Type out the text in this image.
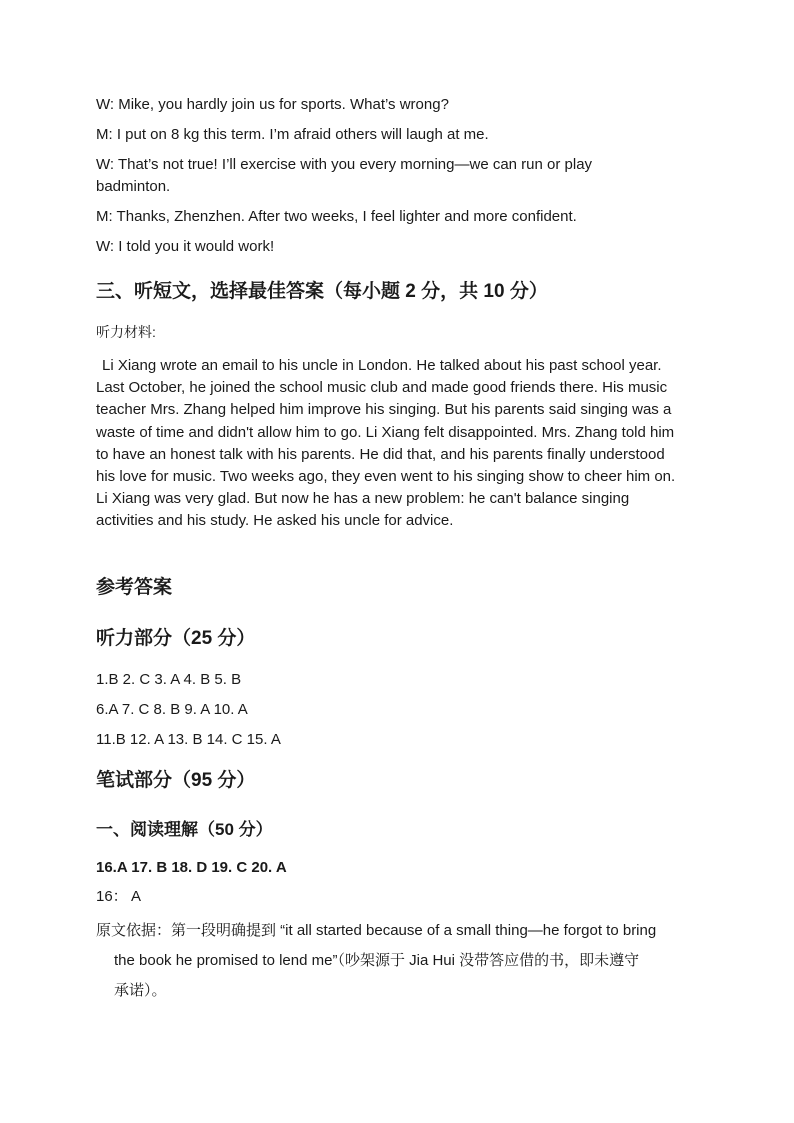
W: Mike, you hardly join us for sports. What’s wrong?
M: I put on 8 kg this term. I’m afraid others will laugh at me.
W: That’s not true! I’ll exercise with you every morning—we can run or play
badminton.
M: Thanks, Zhenzhen. After two weeks, I feel lighter and more confident.
W: I told you it would work!
三、听短文，选择最佳答案（每小题 2 分，共 10 分）
听力材料:
Li Xiang wrote an email to his uncle in London. He talked about his past school year. Last October, he joined the school music club and made good friends there. His music teacher Mrs. Zhang helped him improve his singing. But his parents said singing was a waste of time and didn't allow him to go. Li Xiang felt disappointed. Mrs. Zhang told him to have an honest talk with his parents. He did that, and his parents finally understood his love for music. Two weeks ago, they even went to his singing show to cheer him on. Li Xiang was very glad. But now he has a new problem: he can't balance singing activities and his study. He asked his uncle for advice.
参考答案
听力部分（25 分）
1.B 2. C 3. A 4. B 5. B
6.A 7. C 8. B 9. A 10. A
11.B 12. A 13. B 14. C 15. A
笔试部分（95 分）
一、阅读理解（50 分）
16.A 17. B 18. D 19. C 20. A
16： A
原文依据：第一段明确提到 “it all started because of a small thing—he forgot to bring
the book he promised to lend me”（吵架源于 Jia Hui 没带答应借的书，即未遵守
承诺）。
